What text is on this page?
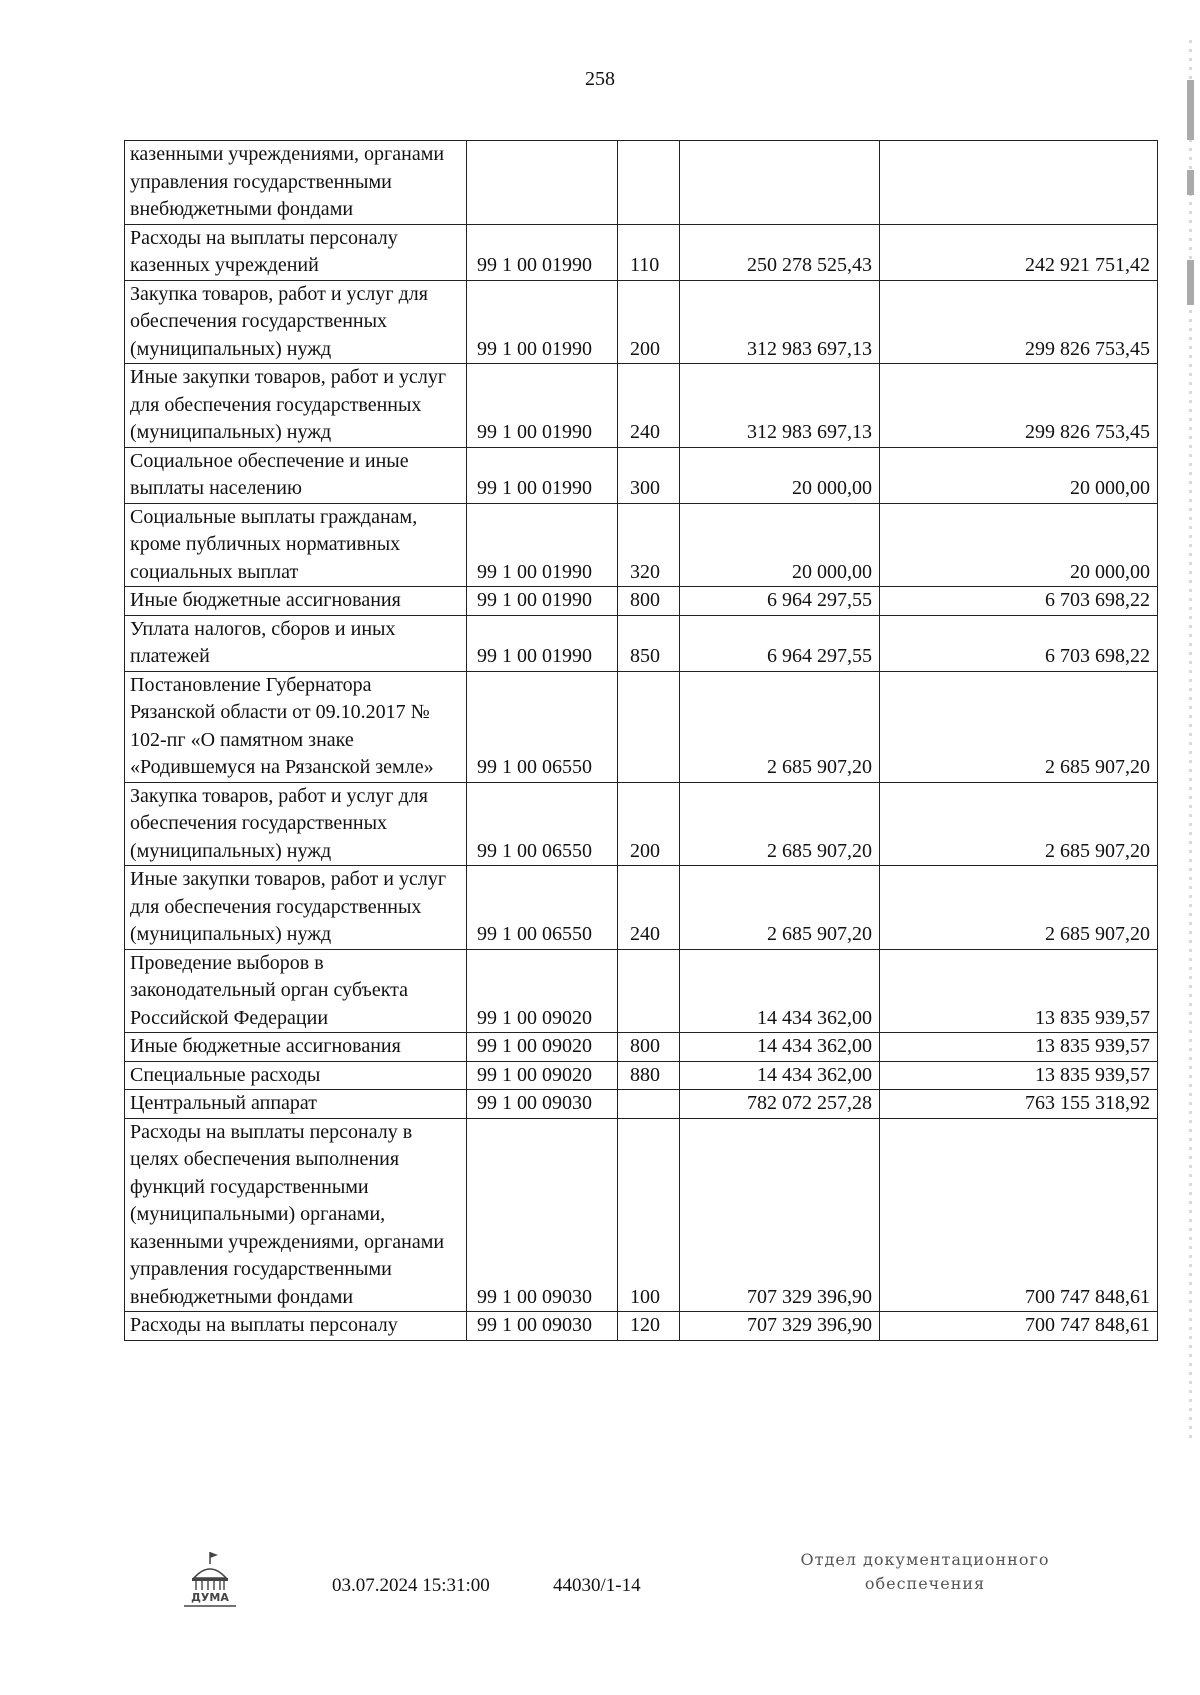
258
казенными учреждениями, органами управления государственными внебюджетными фондами				
Расходы на выплаты персоналу казенных учреждений	99 1 00 01990	110	250 278 525,43	242 921 751,42
Закупка товаров, работ и услуг для обеспечения государственных (муниципальных) нужд	99 1 00 01990	200	312 983 697,13	299 826 753,45
Иные закупки товаров, работ и услуг для обеспечения государственных (муниципальных) нужд	99 1 00 01990	240	312 983 697,13	299 826 753,45
Социальное обеспечение и иные выплаты населению	99 1 00 01990	300	20 000,00	20 000,00
Социальные выплаты гражданам, кроме публичных нормативных социальных выплат	99 1 00 01990	320	20 000,00	20 000,00
Иные бюджетные ассигнования	99 1 00 01990	800	6 964 297,55	6 703 698,22
Уплата налогов, сборов и иных платежей	99 1 00 01990	850	6 964 297,55	6 703 698,22
Постановление Губернатора Рязанской области от 09.10.2017 № 102-пг «О памятном знаке «Родившемуся на Рязанской земле»	99 1 00 06550		2 685 907,20	2 685 907,20
Закупка товаров, работ и услуг для обеспечения государственных (муниципальных) нужд	99 1 00 06550	200	2 685 907,20	2 685 907,20
Иные закупки товаров, работ и услуг для обеспечения государственных (муниципальных) нужд	99 1 00 06550	240	2 685 907,20	2 685 907,20
Проведение выборов в законодательный орган субъекта Российской Федерации	99 1 00 09020		14 434 362,00	13 835 939,57
Иные бюджетные ассигнования	99 1 00 09020	800	14 434 362,00	13 835 939,57
Специальные расходы	99 1 00 09020	880	14 434 362,00	13 835 939,57
Центральный аппарат	99 1 00 09030		782 072 257,28	763 155 318,92
Расходы на выплаты персоналу в целях обеспечения выполнения функций государственными (муниципальными) органами, казенными учреждениями, органами управления государственными внебюджетными фондами	99 1 00 09030	100	707 329 396,90	700 747 848,61
Расходы на выплаты персоналу	99 1 00 09030	120	707 329 396,90	700 747 848,61
ДУМА
03.07.2024 15:31:00	44030/1-14
Отдел документационного
обеспечения
